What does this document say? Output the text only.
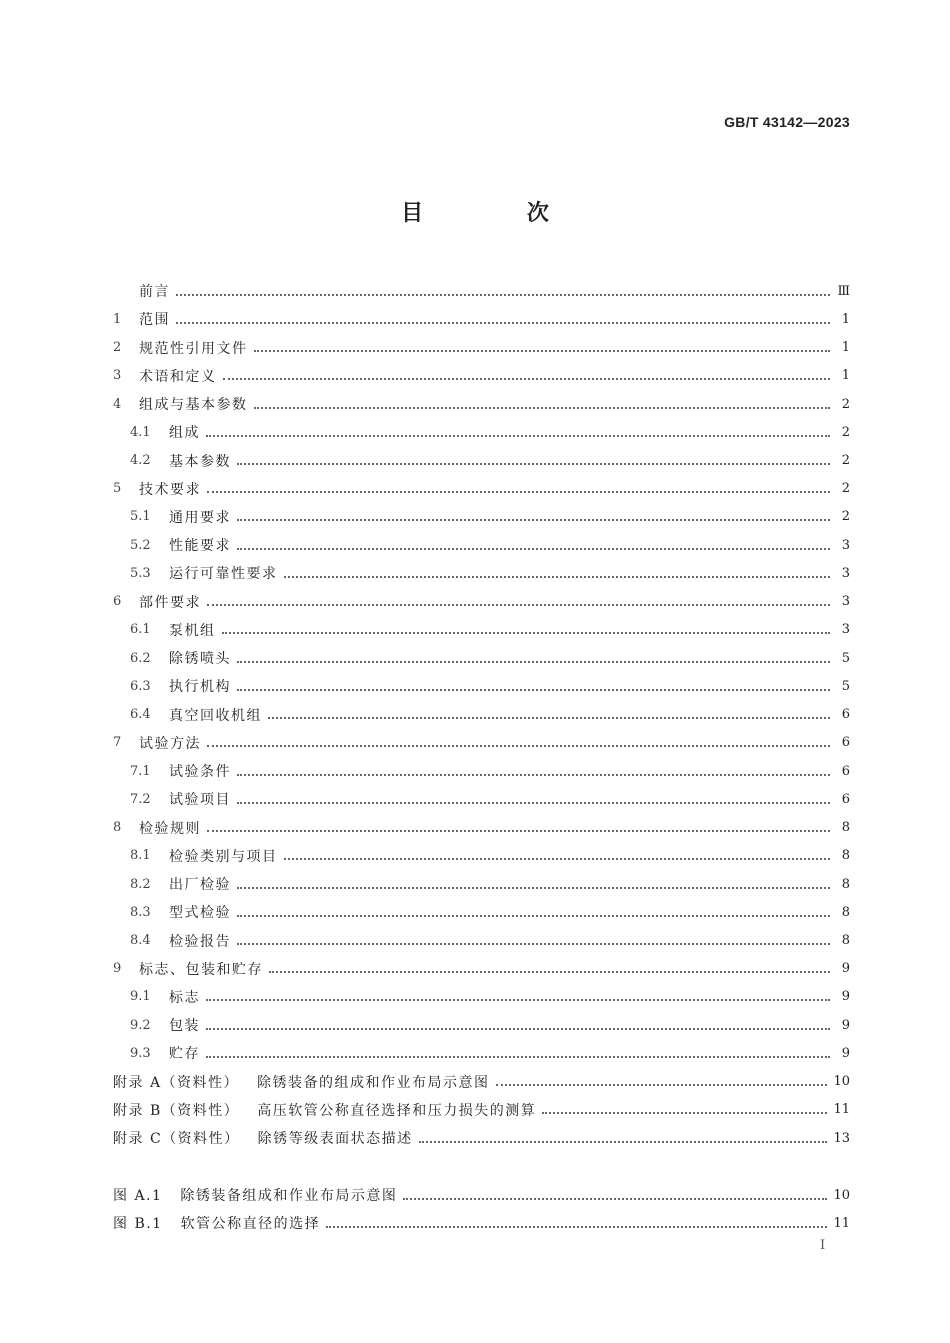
GB/T 43142—2023
目 次
前言	Ⅲ
1	范围	1
2	规范性引用文件	1
3	术语和定义	1
4	组成与基本参数	2
4.1	组成	2
4.2	基本参数	2
5	技术要求	2
5.1	通用要求	2
5.2	性能要求	3
5.3	运行可靠性要求	3
6	部件要求	3
6.1	泵机组	3
6.2	除锈喷头	5
6.3	执行机构	5
6.4	真空回收机组	6
7	试验方法	6
7.1	试验条件	6
7.2	试验项目	6
8	检验规则	8
8.1	检验类别与项目	8
8.2	出厂检验	8
8.3	型式检验	8
8.4	检验报告	8
9	标志、包装和贮存	9
9.1	标志	9
9.2	包装	9
9.3	贮存	9
附录 A（资料性） 除锈装备的组成和作业布局示意图	10
附录 B（资料性） 高压软管公称直径选择和压力损失的测算	11
附录 C（资料性） 除锈等级表面状态描述	13
图 A.1 除锈装备组成和作业布局示意图	10
图 B.1 软管公称直径的选择	11
I
